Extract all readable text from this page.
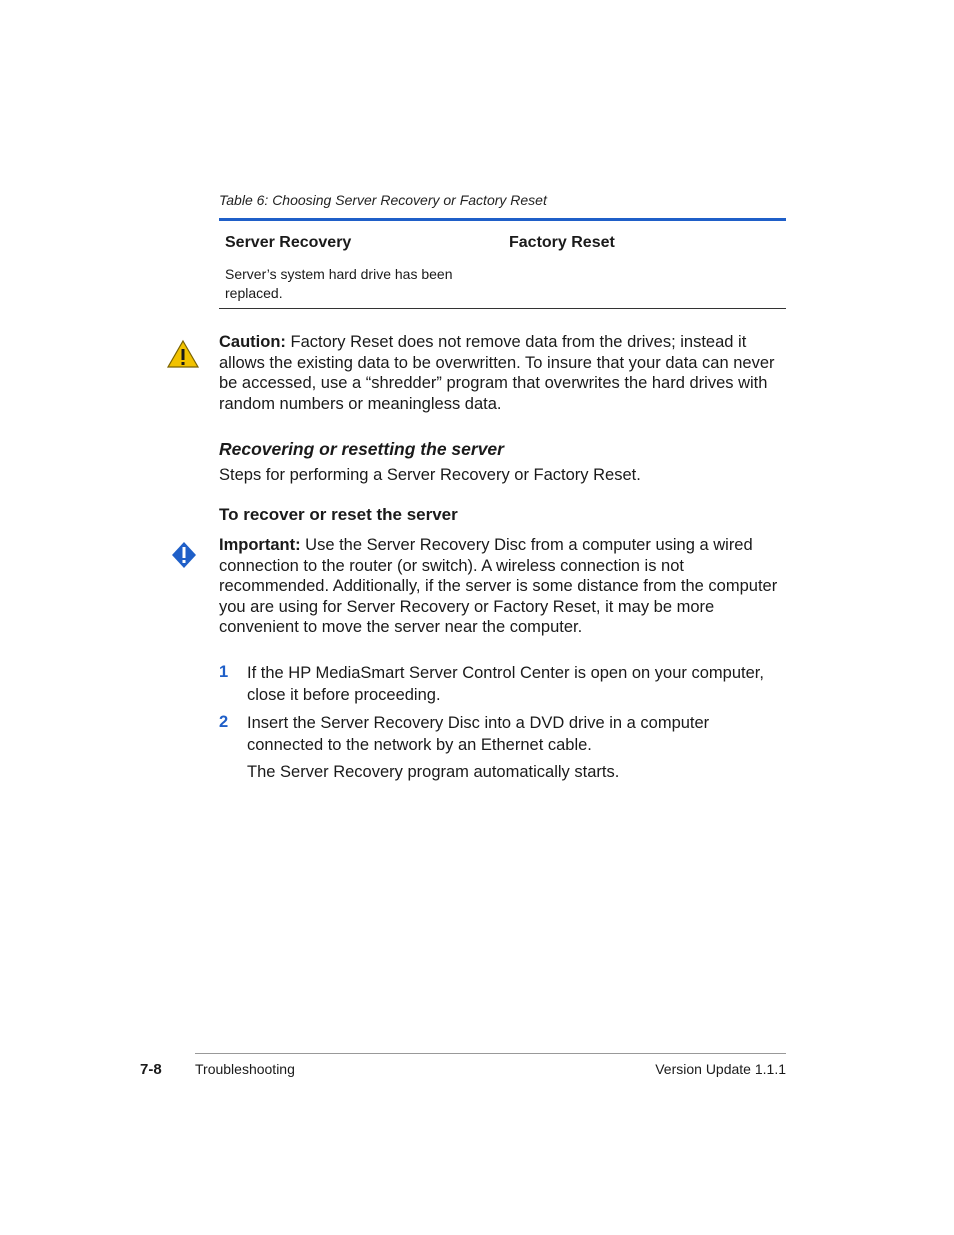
Table 6: Choosing Server Recovery or Factory Reset
Server Recovery	Factory Reset
Server’s system hard drive has been replaced.
Caution: Factory Reset does not remove data from the drives; instead it allows the existing data to be overwritten. To insure that your data can never be accessed, use a “shredder” program that overwrites the hard drives with random numbers or meaningless data.
Recovering or resetting the server
Steps for performing a Server Recovery or Factory Reset.
To recover or reset the server
Important: Use the Server Recovery Disc from a computer using a wired connection to the router (or switch). A wireless connection is not recommended. Additionally, if the server is some distance from the computer you are using for Server Recovery or Factory Reset, it may be more convenient to move the server near the computer.
1 If the HP MediaSmart Server Control Center is open on your computer, close it before proceeding.
2 Insert the Server Recovery Disc into a DVD drive in a computer connected to the network by an Ethernet cable.
The Server Recovery program automatically starts.
7-8 Troubleshooting	Version Update 1.1.1
